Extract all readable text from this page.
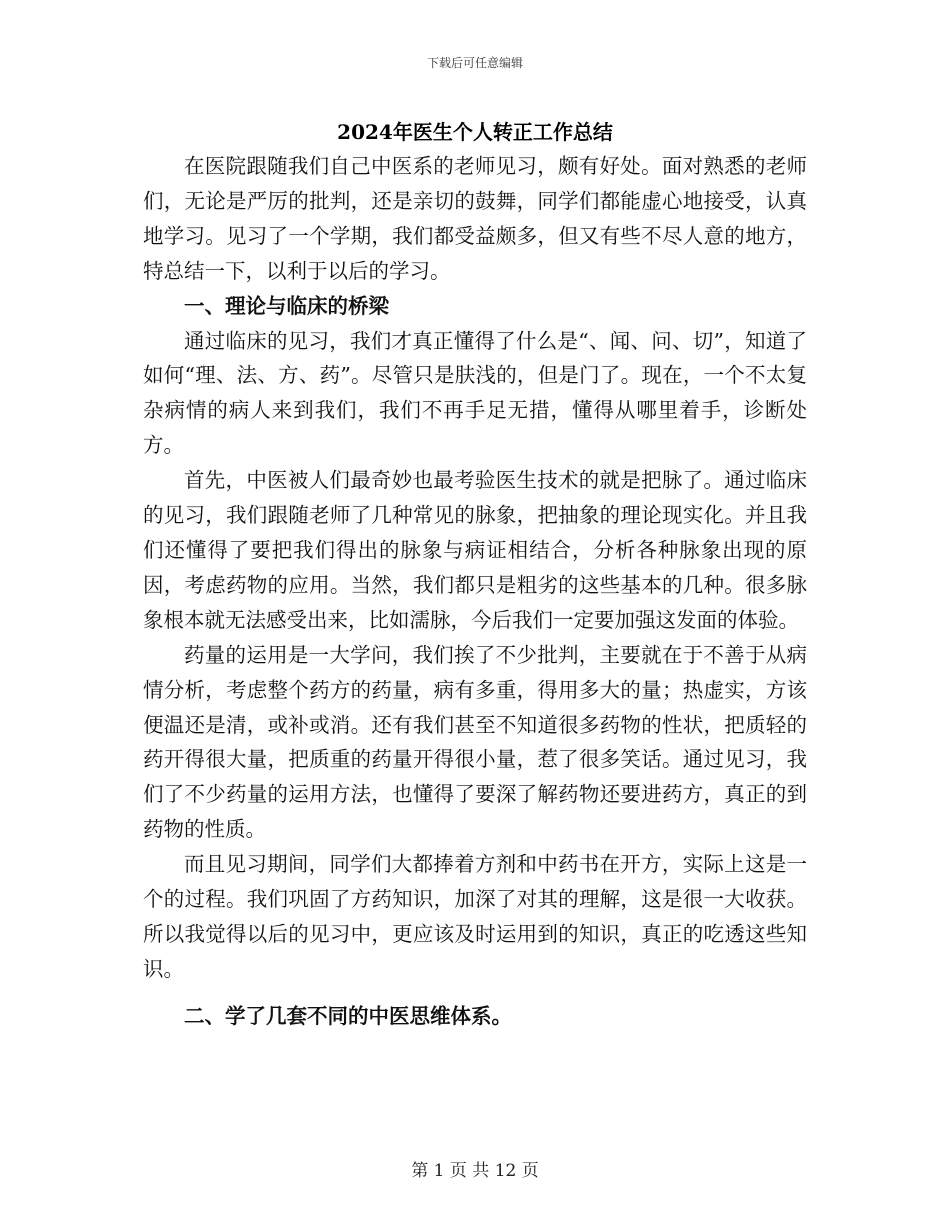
下载后可任意编辑
2024年医生个人转正工作总结

在医院跟随我们自己中医系的老师见习，颇有好处。面对熟悉的老师们，无论是严厉的批判，还是亲切的鼓舞，同学们都能虚心地接受，认真地学习。见习了一个学期，我们都受益颇多，但又有些不尽人意的地方，特总结一下，以利于以后的学习。

一、理论与临床的桥梁

通过临床的见习，我们才真正懂得了什么是“、闻、问、切”，知道了如何“理、法、方、药”。尽管只是肤浅的，但是门了。现在，一个不太复杂病情的病人来到我们，我们不再手足无措，懂得从哪里着手，诊断处方。

首先，中医被人们最奇妙也最考验医生技术的就是把脉了。通过临床的见习，我们跟随老师了几种常见的脉象，把抽象的理论现实化。并且我们还懂得了要把我们得出的脉象与病证相结合，分析各种脉象出现的原因，考虑药物的应用。当然，我们都只是粗劣的这些基本的几种。很多脉象根本就无法感受出来，比如濡脉，今后我们一定要加强这发面的体验。

药量的运用是一大学问，我们挨了不少批判，主要就在于不善于从病情分析，考虑整个药方的药量，病有多重，得用多大的量；热虚实，方该便温还是清，或补或消。还有我们甚至不知道很多药物的性状，把质轻的药开得很大量，把质重的药量开得很小量，惹了很多笑话。通过见习，我们了不少药量的运用方法，也懂得了要深了解药物还要进药方，真正的到药物的性质。

而且见习期间，同学们大都捧着方剂和中药书在开方，实际上这是一个的过程。我们巩固了方药知识，加深了对其的理解，这是很一大收获。所以我觉得以后的见习中，更应该及时运用到的知识，真正的吃透这些知识。

二、学了几套不同的中医思维体系。

第 1 页 共 12 页
